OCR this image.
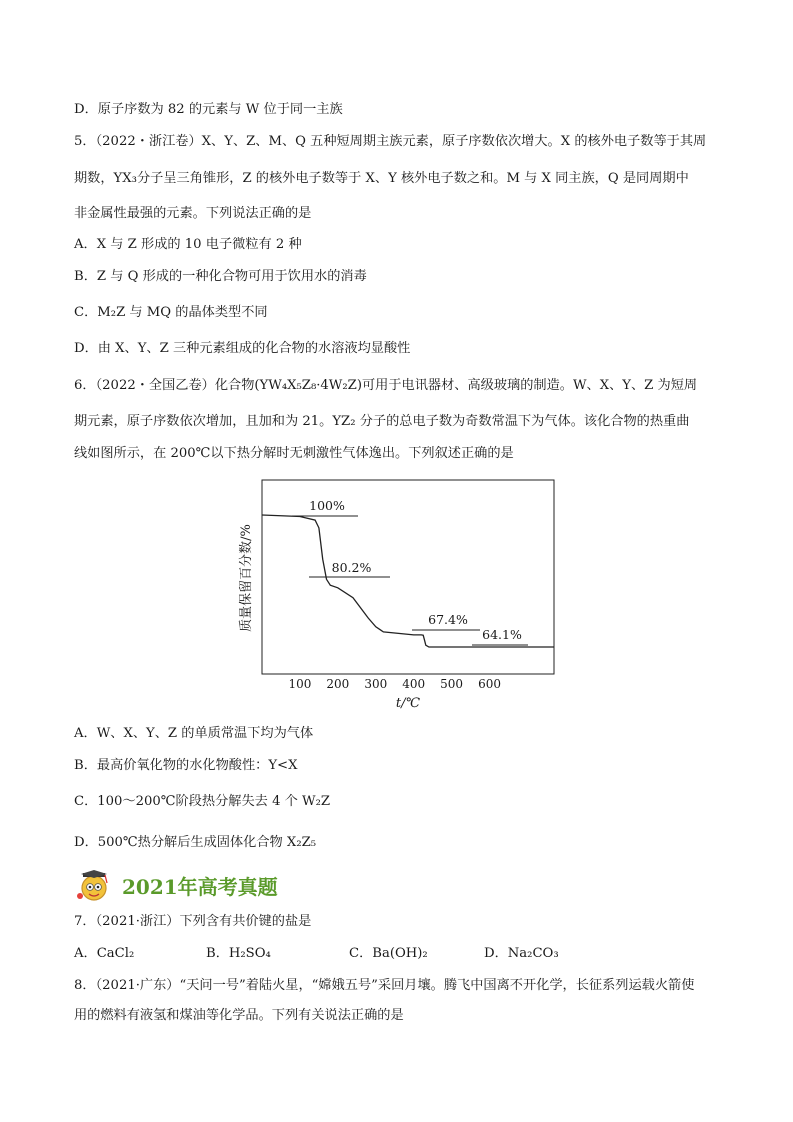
D．原子序数为 82 的元素与 W 位于同一主族
5．（2022・浙江卷）X、Y、Z、M、Q 五种短周期主族元素，原子序数依次增大。X 的核外电子数等于其周
期数，YX₃分子呈三角锥形，Z 的核外电子数等于 X、Y 核外电子数之和。M 与 X 同主族，Q 是同周期中
非金属性最强的元素。下列说法正确的是
A．X 与 Z 形成的 10 电子微粒有 2 种
B．Z 与 Q 形成的一种化合物可用于饮用水的消毒
C．M₂Z 与 MQ 的晶体类型不同
D．由 X、Y、Z 三种元素组成的化合物的水溶液均显酸性
6．（2022・全国乙卷）化合物(YW₄X₅Z₈·4W₂Z)可用于电讯器材、高级玻璃的制造。W、X、Y、Z 为短周
期元素，原子序数依次增加，且加和为 21。YZ₂ 分子的总电子数为奇数常温下为气体。该化合物的热重曲
线如图所示，在 200℃以下热分解时无刺激性气体逸出。下列叙述正确的是
100 200 300 400 500 600
100%
80.2%
67.4%
64.1%
质量保留百分数/%
t/℃
A．W、X、Y、Z 的单质常温下均为气体
B．最高价氧化物的水化物酸性：Y<X
C．100～200℃阶段热分解失去 4 个 W₂Z
D．500℃热分解后生成固体化合物 X₂Z₅
2021年高考真题
7．（2021·浙江）下列含有共价键的盐是
A．CaCl₂	B．H₂SO₄	C．Ba(OH)₂	D．Na₂CO₃
8．（2021·广东）“天问一号”着陆火星，“嫦娥五号”采回月壤。腾飞中国离不开化学，长征系列运载火箭使
用的燃料有液氢和煤油等化学品。下列有关说法正确的是
